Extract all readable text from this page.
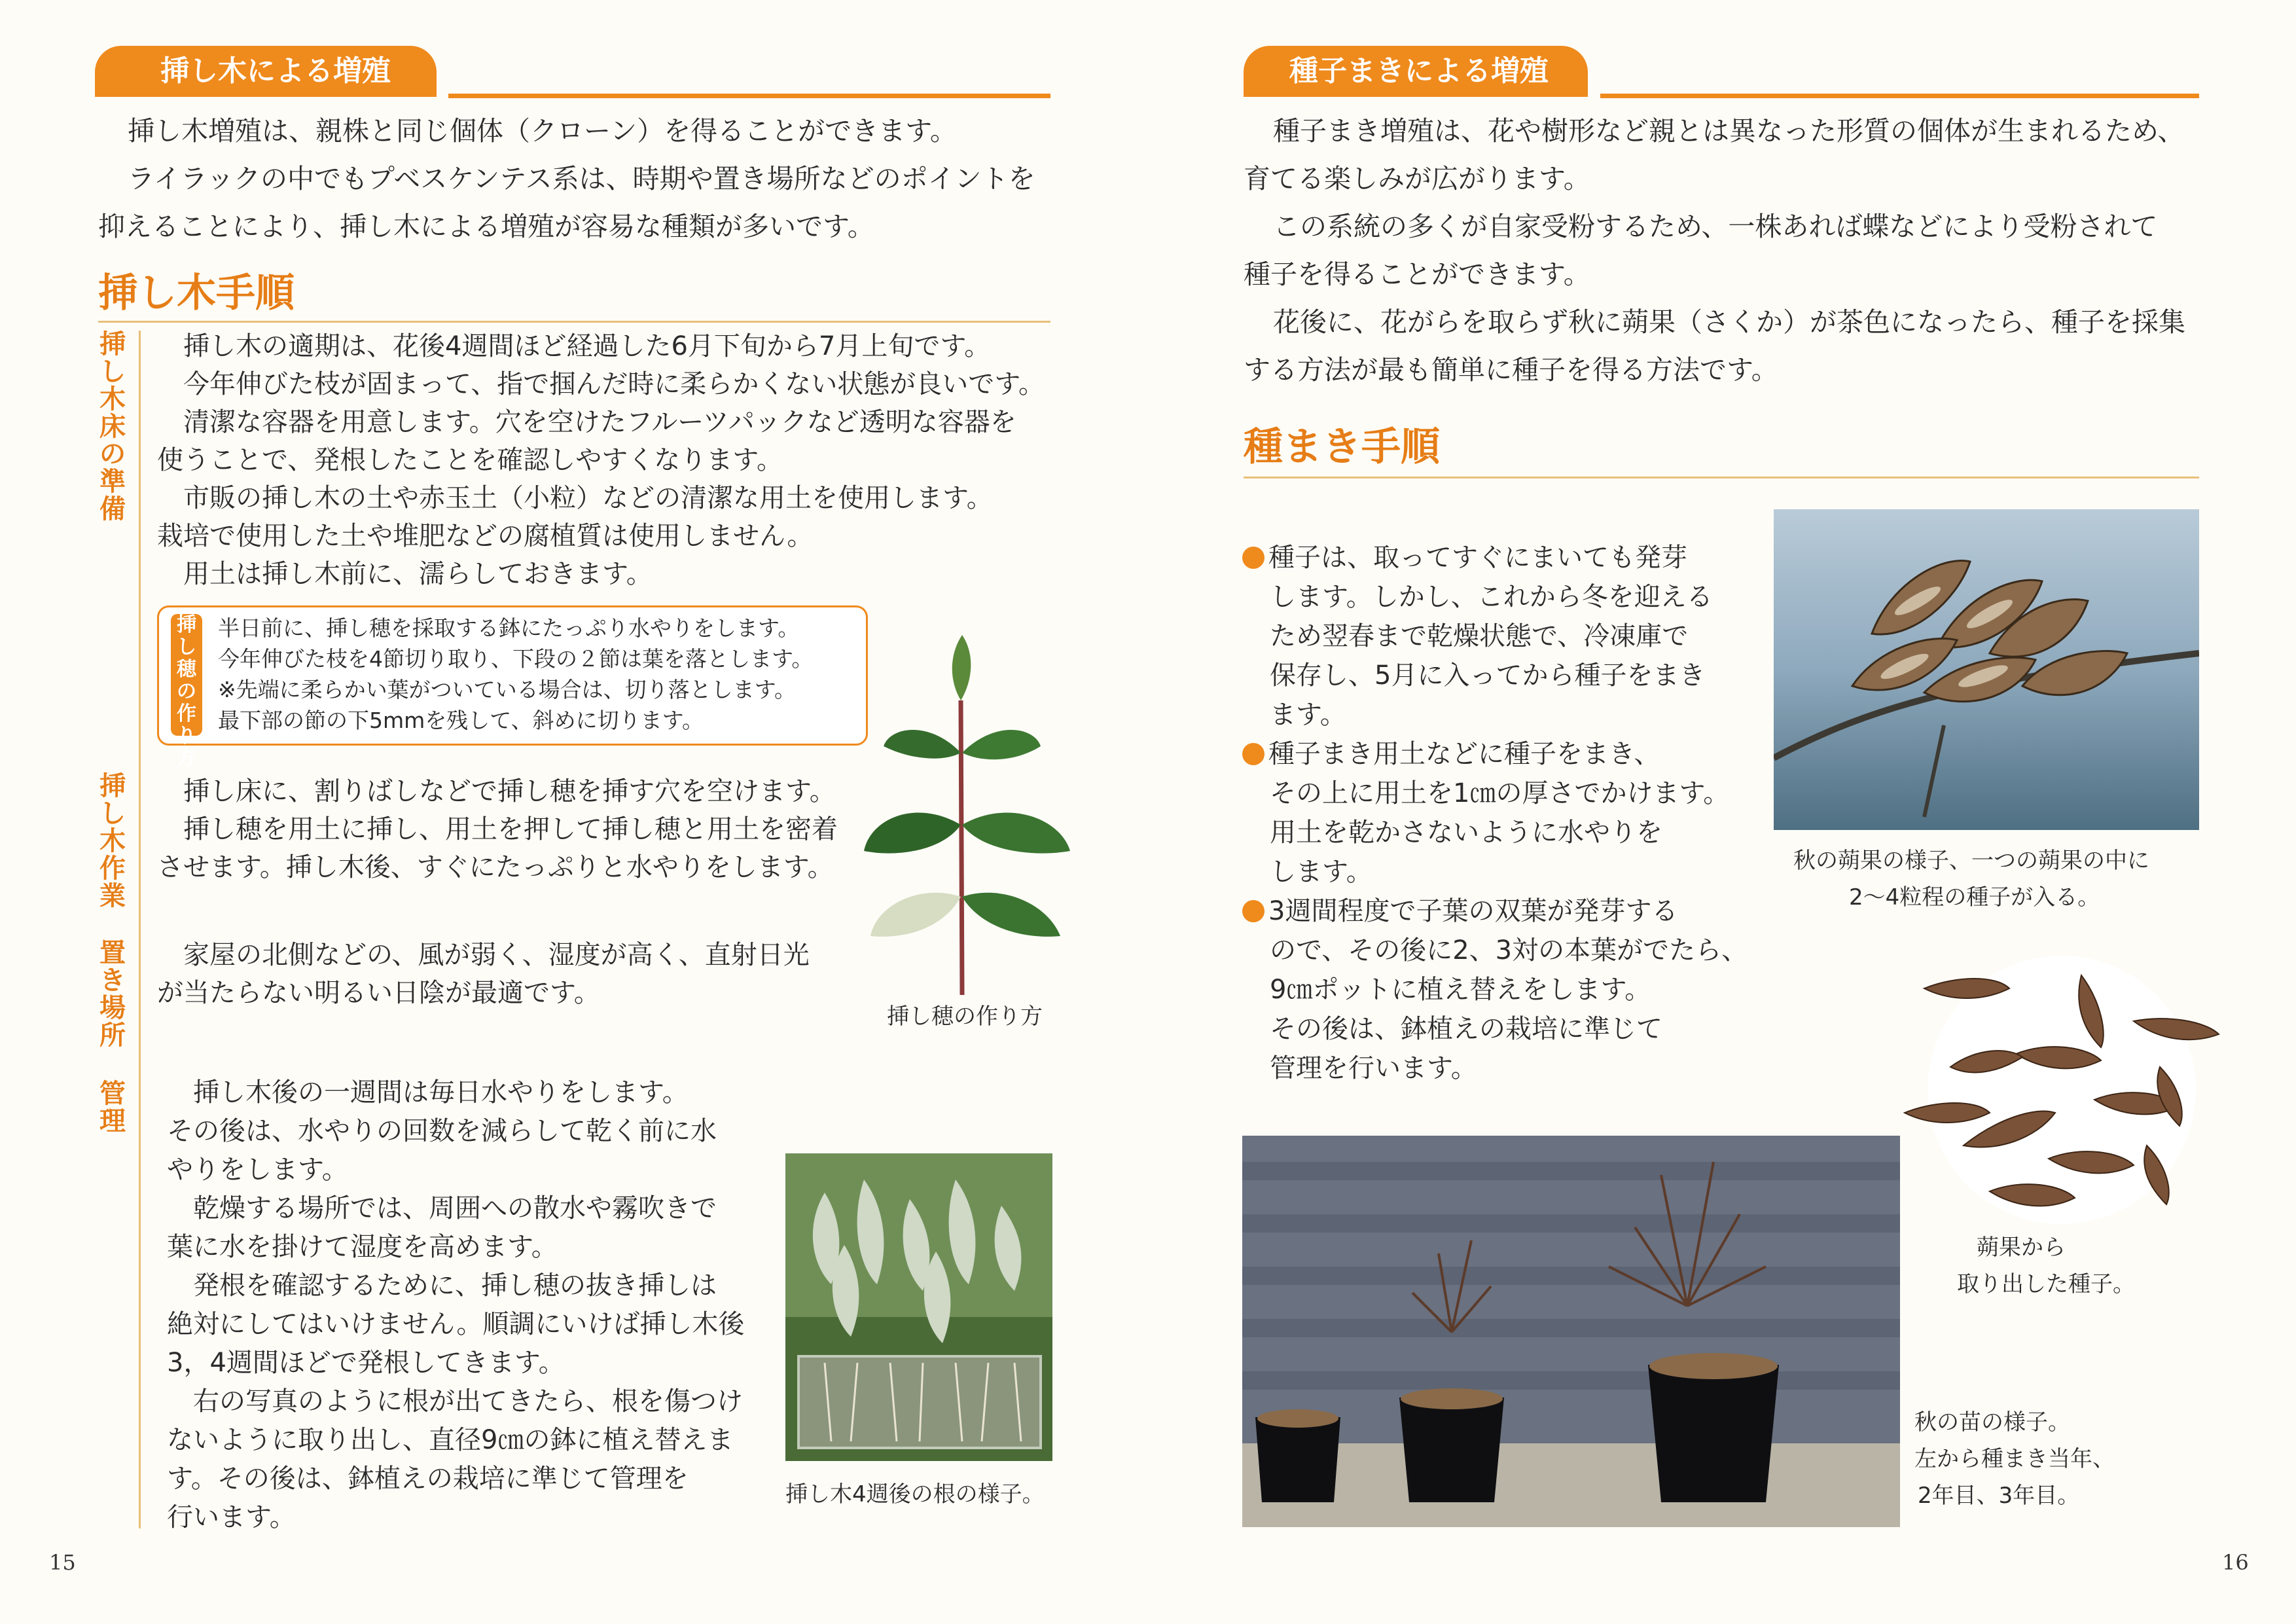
挿し木による増殖
挿し木増殖は、親株と同じ個体（クローン）を得ることができます。
ライラックの中でもプベスケンテス系は、時期や置き場所などのポイントを
抑えることにより、挿し木による増殖が容易な種類が多いです。
挿し木手順
挿
し
木
床
の
準
備
挿し木の適期は、花後4週間ほど経過した6月下旬から7月上旬です。
今年伸びた枝が固まって、指で掴んだ時に柔らかくない状態が良いです。
清潔な容器を用意します。穴を空けたフルーツパックなど透明な容器を
使うことで、発根したことを確認しやすくなります。
市販の挿し木の土や赤玉土（小粒）などの清潔な用土を使用します。
栽培で使用した土や堆肥などの腐植質は使用しません。
用土は挿し木前に、濡らしておきます。
挿し穂の作り方
半日前に、挿し穂を採取する鉢にたっぷり水やりをします。
今年伸びた枝を4節切り取り、下段の２節は葉を落とします。
※先端に柔らかい葉がついている場合は、切り落とします。
最下部の節の下5mmを残して、斜めに切ります。
挿し穂の作り方
挿
し
木
作
業
挿し床に、割りばしなどで挿し穂を挿す穴を空けます。
挿し穂を用土に挿し、用土を押して挿し穂と用土を密着
させます。挿し木後、すぐにたっぷりと水やりをします。
置
き
場
所
家屋の北側などの、風が弱く、湿度が高く、直射日光
が当たらない明るい日陰が最適です。
管
理
挿し木後の一週間は毎日水やりをします。
その後は、水やりの回数を減らして乾く前に水
やりをします。
乾燥する場所では、周囲への散水や霧吹きで
葉に水を掛けて湿度を高めます。
発根を確認するために、挿し穂の抜き挿しは
絶対にしてはいけません。順調にいけば挿し木後
3，4週間ほどで発根してきます。
右の写真のように根が出てきたら、根を傷つけ
ないように取り出し、直径9㎝の鉢に植え替えま
す。その後は、鉢植えの栽培に準じて管理を
行います。
挿し木4週後の根の様子。
15
種子まきによる増殖
種子まき増殖は、花や樹形など親とは異なった形質の個体が生まれるため、
育てる楽しみが広がります。
この系統の多くが自家受粉するため、一株あれば蝶などにより受粉されて
種子を得ることができます。
花後に、花がらを取らず秋に蒴果（さくか）が茶色になったら、種子を採集
する方法が最も簡単に種子を得る方法です。
種まき手順
種子は、取ってすぐにまいても発芽
します。しかし、これから冬を迎える
ため翌春まで乾燥状態で、冷凍庫で
保存し、5月に入ってから種子をまき
ます。
種子まき用土などに種子をまき、
その上に用土を1㎝の厚さでかけます。
用土を乾かさないように水やりを
します。
3週間程度で子葉の双葉が発芽する
ので、その後に2、3対の本葉がでたら、
9㎝ポットに植え替えをします。
その後は、鉢植えの栽培に準じて
管理を行います。
秋の蒴果の様子、一つの蒴果の中に
2～4粒程の種子が入る。
蒴果から
取り出した種子。
秋の苗の様子。
左から種まき当年、
2年目、3年目。
16
